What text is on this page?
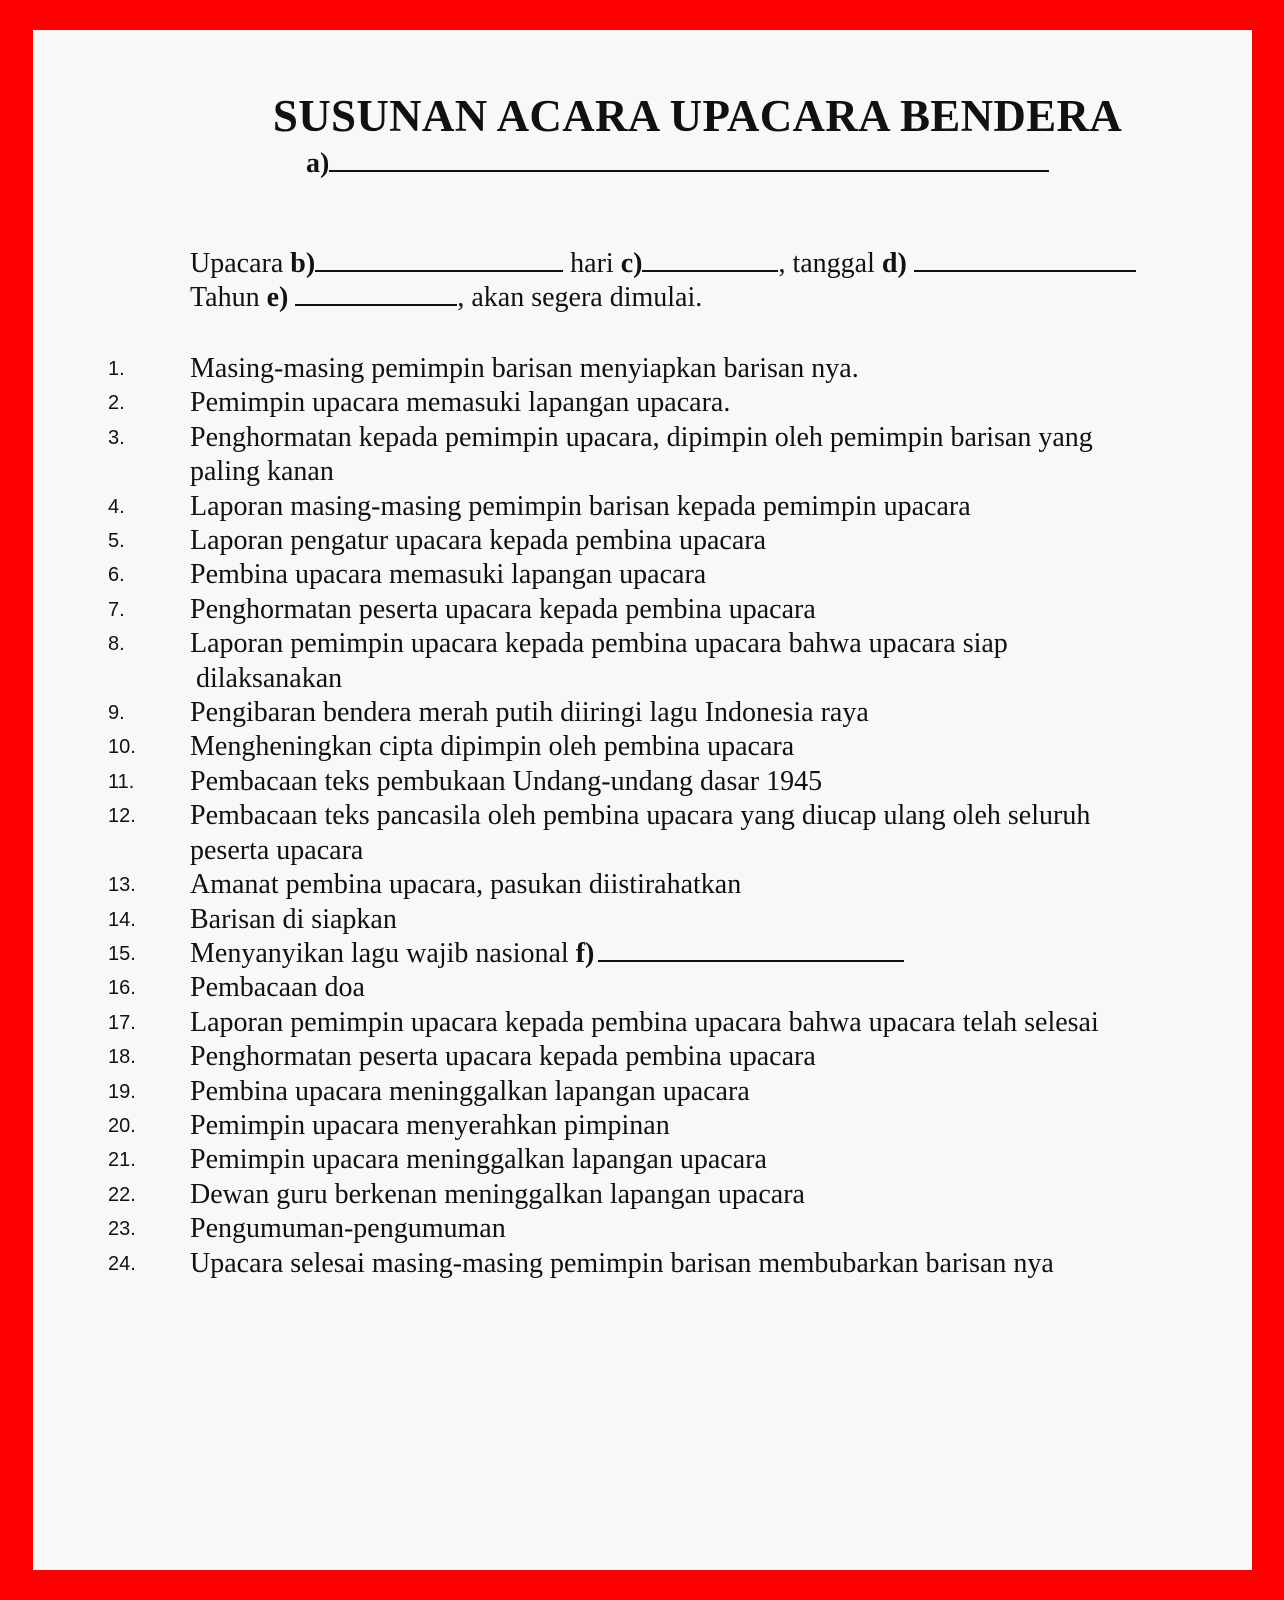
SUSUNAN ACARA UPACARA BENDERA
a)
Upacara b)	hari c)	, tanggal d)
Tahun e)	, akan segera dimulai.
1.	Masing-masing pemimpin barisan menyiapkan barisan nya.
2.	Pemimpin upacara memasuki lapangan upacara.
3.	Penghormatan kepada pemimpin upacara, dipimpin oleh pemimpin barisan yang
paling kanan
4.	Laporan masing-masing pemimpin barisan kepada pemimpin upacara
5.	Laporan pengatur upacara kepada pembina upacara
6.	Pembina upacara memasuki lapangan upacara
7.	Penghormatan peserta upacara kepada pembina upacara
8.	Laporan pemimpin upacara kepada pembina upacara bahwa upacara siap
dilaksanakan
9.	Pengibaran bendera merah putih diiringi lagu Indonesia raya
10.	Mengheningkan cipta dipimpin oleh pembina upacara
11.	Pembacaan teks pembukaan Undang-undang dasar 1945
12.	Pembacaan teks pancasila oleh pembina upacara yang diucap ulang oleh seluruh
peserta upacara
13.	Amanat pembina upacara, pasukan diistirahatkan
14.	Barisan di siapkan
15.	Menyanyikan lagu wajib nasional f)
16.	Pembacaan doa
17.	Laporan pemimpin upacara kepada pembina upacara bahwa upacara telah selesai
18.	Penghormatan peserta upacara kepada pembina upacara
19.	Pembina upacara meninggalkan lapangan upacara
20.	Pemimpin upacara menyerahkan pimpinan
21.	Pemimpin upacara meninggalkan lapangan upacara
22.	Dewan guru berkenan meninggalkan lapangan upacara
23.	Pengumuman-pengumuman
24.	Upacara selesai masing-masing pemimpin barisan membubarkan barisan nya
